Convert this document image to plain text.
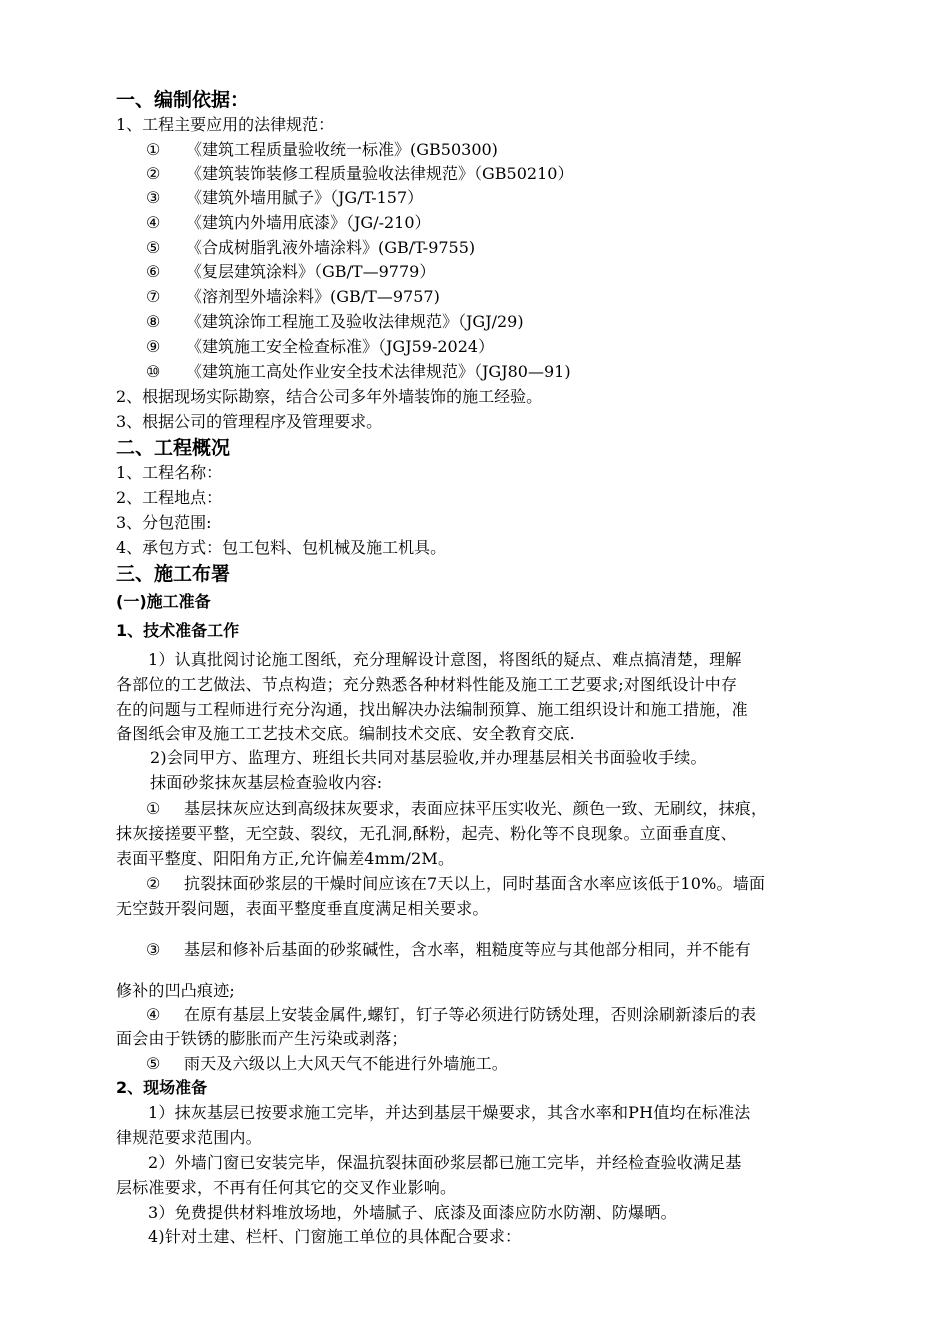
一、编制依据：
1、工程主要应用的法律规范：
① 《建筑工程质量验收统一标准》(GB50300)
② 《建筑装饰装修工程质量验收法律规范》（GB50210）
③ 《建筑外墙用腻子》（JG/T-157）
④ 《建筑内外墙用底漆》（JG/-210）
⑤ 《合成树脂乳液外墙涂料》(GB/T-9755)
⑥ 《复层建筑涂料》（GB/T—9779）
⑦ 《溶剂型外墙涂料》(GB/T—9757)
⑧ 《建筑涂饰工程施工及验收法律规范》（JGJ/29)
⑨ 《建筑施工安全检查标准》（JGJ59-2024）
⑩ 《建筑施工高处作业安全技术法律规范》（JGJ80—91)
2、根据现场实际勘察，结合公司多年外墙装饰的施工经验。
3、根据公司的管理程序及管理要求。
二、工程概况
1、工程名称：
2、工程地点：
3、分包范围:
4、承包方式：包工包料、包机械及施工机具。
三、施工布署
(一)施工准备
1、技术准备工作
1）认真批阅讨论施工图纸，充分理解设计意图，将图纸的疑点、难点搞清楚，理解
各部位的工艺做法、节点构造；充分熟悉各种材料性能及施工工艺要求;对图纸设计中存
在的问题与工程师进行充分沟通，找出解决办法编制预算、施工组织设计和施工措施，准
备图纸会审及施工工艺技术交底。编制技术交底、安全教育交底.
2)会同甲方、监理方、班组长共同对基层验收,并办理基层相关书面验收手续。
抹面砂浆抹灰基层检查验收内容:
① 基层抹灰应达到高级抹灰要求，表面应抹平压实收光、颜色一致、无刷纹，抹痕，
抹灰接搓要平整，无空鼓、裂纹，无孔洞,酥粉，起壳、粉化等不良现象。立面垂直度、
表面平整度、阳阳角方正,允许偏差4mm/2M。
② 抗裂抹面砂浆层的干燥时间应该在7天以上，同时基面含水率应该低于10%。墙面
无空鼓开裂问题，表面平整度垂直度满足相关要求。
③ 基层和修补后基面的砂浆碱性，含水率，粗糙度等应与其他部分相同，并不能有
修补的凹凸痕迹;
④ 在原有基层上安装金属件,螺钉，钉子等必须进行防锈处理，否则涂刷新漆后的表
面会由于铁锈的膨胀而产生污染或剥落；
⑤ 雨天及六级以上大风天气不能进行外墙施工。
2、现场准备
1）抹灰基层已按要求施工完毕，并达到基层干燥要求，其含水率和PH值均在标准法
律规范要求范围内。
2）外墙门窗已安装完毕，保温抗裂抹面砂浆层都已施工完毕，并经检查验收满足基
层标准要求，不再有任何其它的交叉作业影响。
3）免费提供材料堆放场地，外墙腻子、底漆及面漆应防水防潮、防爆晒。
4)针对土建、栏杆、门窗施工单位的具体配合要求：
